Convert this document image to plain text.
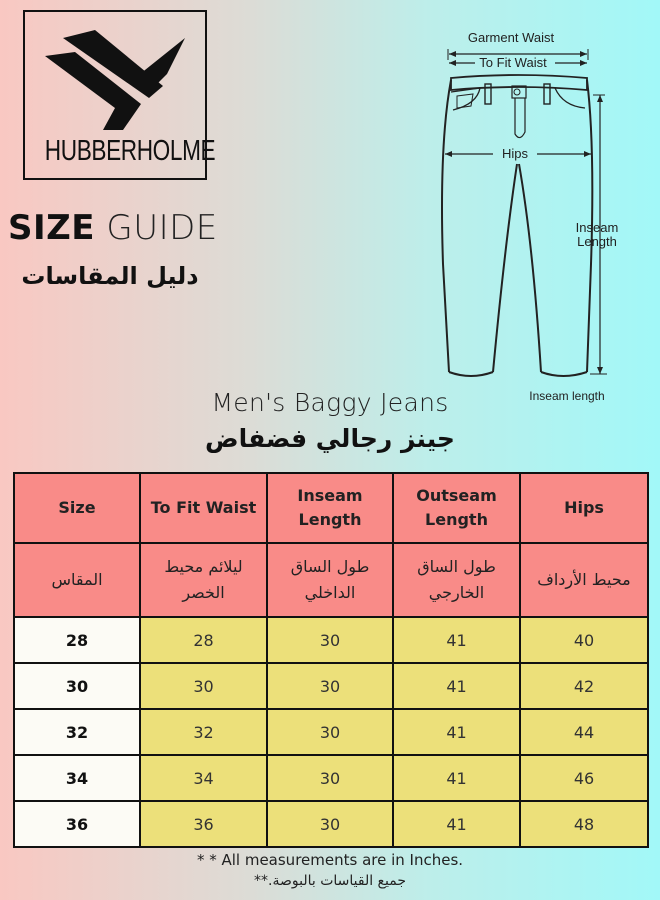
HUBBERHOLME
SIZE GUIDE
دليل المقاسات
Garment Waist
To Fit Waist
Hips
Inseam
Length
Inseam length
Men's Baggy Jeans
جينز رجالي فضفاض
Size	To Fit Waist	Inseam Length	Outseam Length	Hips
المقاس	ليلائم محيط الخصر	طول الساق الداخلي	طول الساق الخارجي	محيط الأرداف
28	28	30	41	40
30	30	30	41	42
32	32	30	41	44
34	34	30	41	46
36	36	30	41	48
* * All measurements are in Inches.
جميع القياسات بالبوصة.**
